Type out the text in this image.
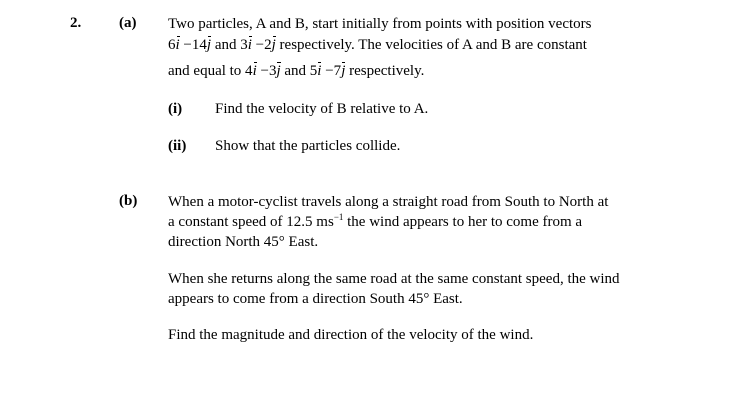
2.	(a) Two particles, A and B, start initially from points with position vectors
6
i −14
j and 3
i −2
j respectively. The velocities of A and B are constant
and equal to 4
i −3
j and 5
i −7
j respectively.
(i) Find the velocity of B relative to A.
(ii) Show that the particles collide.
(b) When a motor-cyclist travels along a straight road from South to North at
a constant speed of 12.5 $ms^{-1}$ the wind appears to her to come from a
direction North 45° East.
When she returns along the same road at the same constant speed, the wind
appears to come from a direction South 45° East.
Find the magnitude and direction of the velocity of the wind.
